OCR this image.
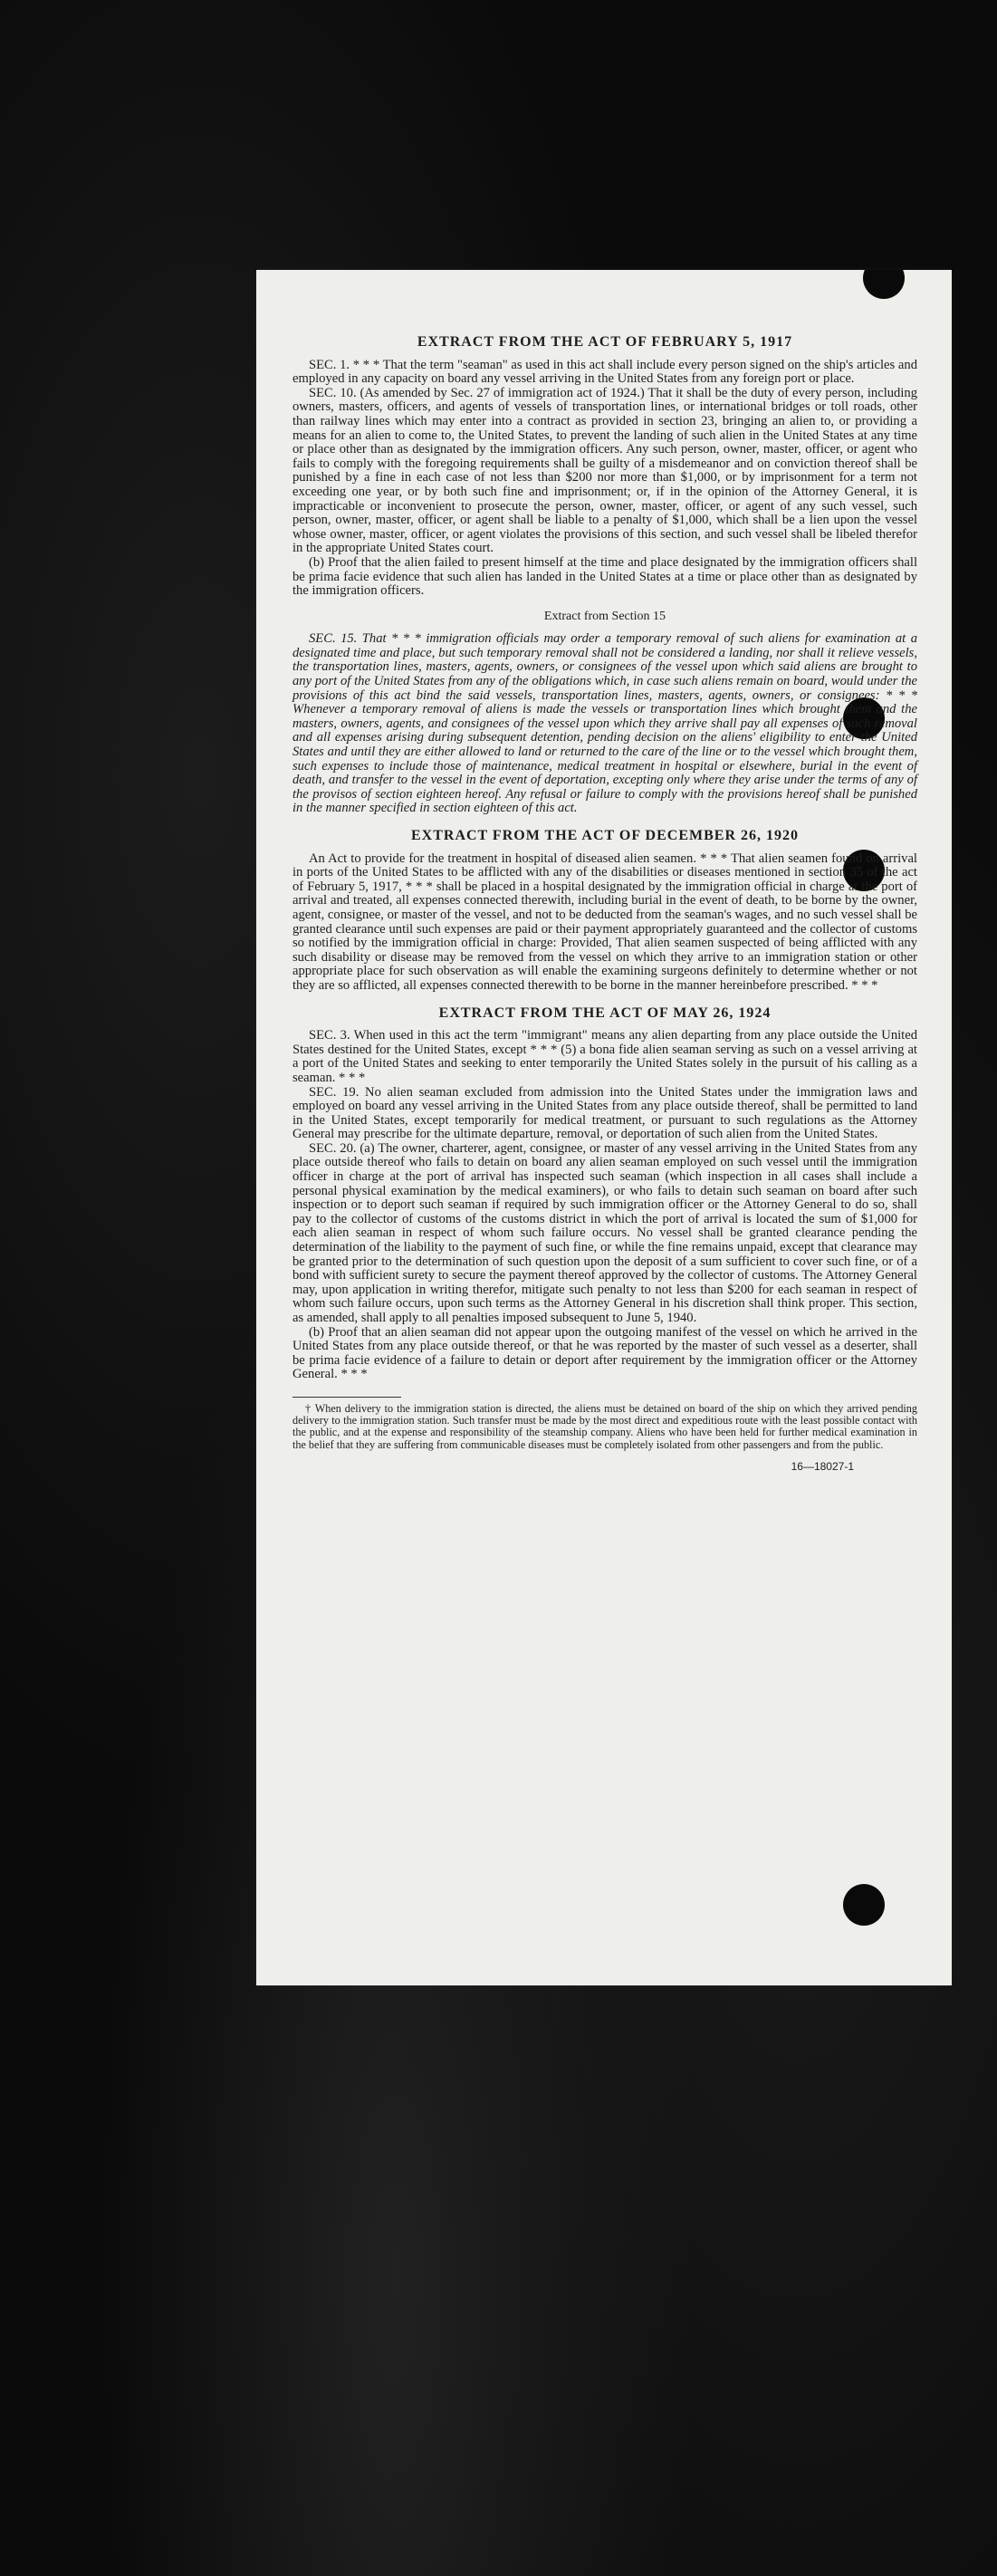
EXTRACT FROM THE ACT OF FEBRUARY 5, 1917

SEC. 1. * * * That the term "seaman" as used in this act shall include every person signed on the ship's articles and employed in any capacity on board any vessel arriving in the United States from any foreign port or place.

SEC. 10. (As amended by Sec. 27 of immigration act of 1924.) That it shall be the duty of every person, including owners, masters, officers, and agents of vessels of transportation lines, or international bridges or toll roads, other than railway lines which may enter into a contract as provided in section 23, bringing an alien to, or providing a means for an alien to come to, the United States, to prevent the landing of such alien in the United States at any time or place other than as designated by the immigration officers. Any such person, owner, master, officer, or agent who fails to comply with the foregoing requirements shall be guilty of a misdemeanor and on conviction thereof shall be punished by a fine in each case of not less than $200 nor more than $1,000, or by imprisonment for a term not exceeding one year, or by both such fine and imprisonment; or, if in the opinion of the Attorney General, it is impracticable or inconvenient to prosecute the person, owner, master, officer, or agent of any such vessel, such person, owner, master, officer, or agent shall be liable to a penalty of $1,000, which shall be a lien upon the vessel whose owner, master, officer, or agent violates the provisions of this section, and such vessel shall be libeled therefor in the appropriate United States court.

(b) Proof that the alien failed to present himself at the time and place designated by the immigration officers shall be prima facie evidence that such alien has landed in the United States at a time or place other than as designated by the immigration officers.

Extract from Section 15

SEC. 15. That * * * immigration officials may order a temporary removal of such aliens for examination at a designated time and place, but such temporary removal shall not be considered a landing, nor shall it relieve vessels, the transportation lines, masters, agents, owners, or consignees of the vessel upon which said aliens are brought to any port of the United States from any of the obligations which, in case such aliens remain on board, would under the provisions of this act bind the said vessels, transportation lines, masters, agents, owners, or consignees: * * * Whenever a temporary removal of aliens is made the vessels or transportation lines which brought them and the masters, owners, agents, and consignees of the vessel upon which they arrive shall pay all expenses of such removal and all expenses arising during subsequent detention, pending decision on the aliens' eligibility to enter the United States and until they are either allowed to land or returned to the care of the line or to the vessel which brought them, such expenses to include those of maintenance, medical treatment in hospital or elsewhere, burial in the event of death, and transfer to the vessel in the event of deportation, excepting only where they arise under the terms of any of the provisos of section eighteen hereof. Any refusal or failure to comply with the provisions hereof shall be punished in the manner specified in section eighteen of this act.

EXTRACT FROM THE ACT OF DECEMBER 26, 1920

An Act to provide for the treatment in hospital of diseased alien seamen. * * * That alien seamen found on arrival in ports of the United States to be afflicted with any of the disabilities or diseases mentioned in section 35 of the act of February 5, 1917, * * * shall be placed in a hospital designated by the immigration official in charge at the port of arrival and treated, all expenses connected therewith, including burial in the event of death, to be borne by the owner, agent, consignee, or master of the vessel, and not to be deducted from the seaman's wages, and no such vessel shall be granted clearance until such expenses are paid or their payment appropriately guaranteed and the collector of customs so notified by the immigration official in charge: Provided, That alien seamen suspected of being afflicted with any such disability or disease may be removed from the vessel on which they arrive to an immigration station or other appropriate place for such observation as will enable the examining surgeons definitely to determine whether or not they are so afflicted, all expenses connected therewith to be borne in the manner hereinbefore prescribed. * * *

EXTRACT FROM THE ACT OF MAY 26, 1924

SEC. 3. When used in this act the term "immigrant" means any alien departing from any place outside the United States destined for the United States, except * * * (5) a bona fide alien seaman serving as such on a vessel arriving at a port of the United States and seeking to enter temporarily the United States solely in the pursuit of his calling as a seaman. * * *

SEC. 19. No alien seaman excluded from admission into the United States under the immigration laws and employed on board any vessel arriving in the United States from any place outside thereof, shall be permitted to land in the United States, except temporarily for medical treatment, or pursuant to such regulations as the Attorney General may prescribe for the ultimate departure, removal, or deportation of such alien from the United States.

SEC. 20. (a) The owner, charterer, agent, consignee, or master of any vessel arriving in the United States from any place outside thereof who fails to detain on board any alien seaman employed on such vessel until the immigration officer in charge at the port of arrival has inspected such seaman (which inspection in all cases shall include a personal physical examination by the medical examiners), or who fails to detain such seaman on board after such inspection or to deport such seaman if required by such immigration officer or the Attorney General to do so, shall pay to the collector of customs of the customs district in which the port of arrival is located the sum of $1,000 for each alien seaman in respect of whom such failure occurs. No vessel shall be granted clearance pending the determination of the liability to the payment of such fine, or while the fine remains unpaid, except that clearance may be granted prior to the determination of such question upon the deposit of a sum sufficient to cover such fine, or of a bond with sufficient surety to secure the payment thereof approved by the collector of customs. The Attorney General may, upon application in writing therefor, mitigate such penalty to not less than $200 for each seaman in respect of whom such failure occurs, upon such terms as the Attorney General in his discretion shall think proper. This section, as amended, shall apply to all penalties imposed subsequent to June 5, 1940.

(b) Proof that an alien seaman did not appear upon the outgoing manifest of the vessel on which he arrived in the United States from any place outside thereof, or that he was reported by the master of such vessel as a deserter, shall be prima facie evidence of a failure to detain or deport after requirement by the immigration officer or the Attorney General. * * *

† When delivery to the immigration station is directed, the aliens must be detained on board of the ship on which they arrived pending delivery to the immigration station. Such transfer must be made by the most direct and expeditious route with the least possible contact with the public, and at the expense and responsibility of the steamship company. Aliens who have been held for further medical examination in the belief that they are suffering from communicable diseases must be completely isolated from other passengers and from the public.

16—18027-1
